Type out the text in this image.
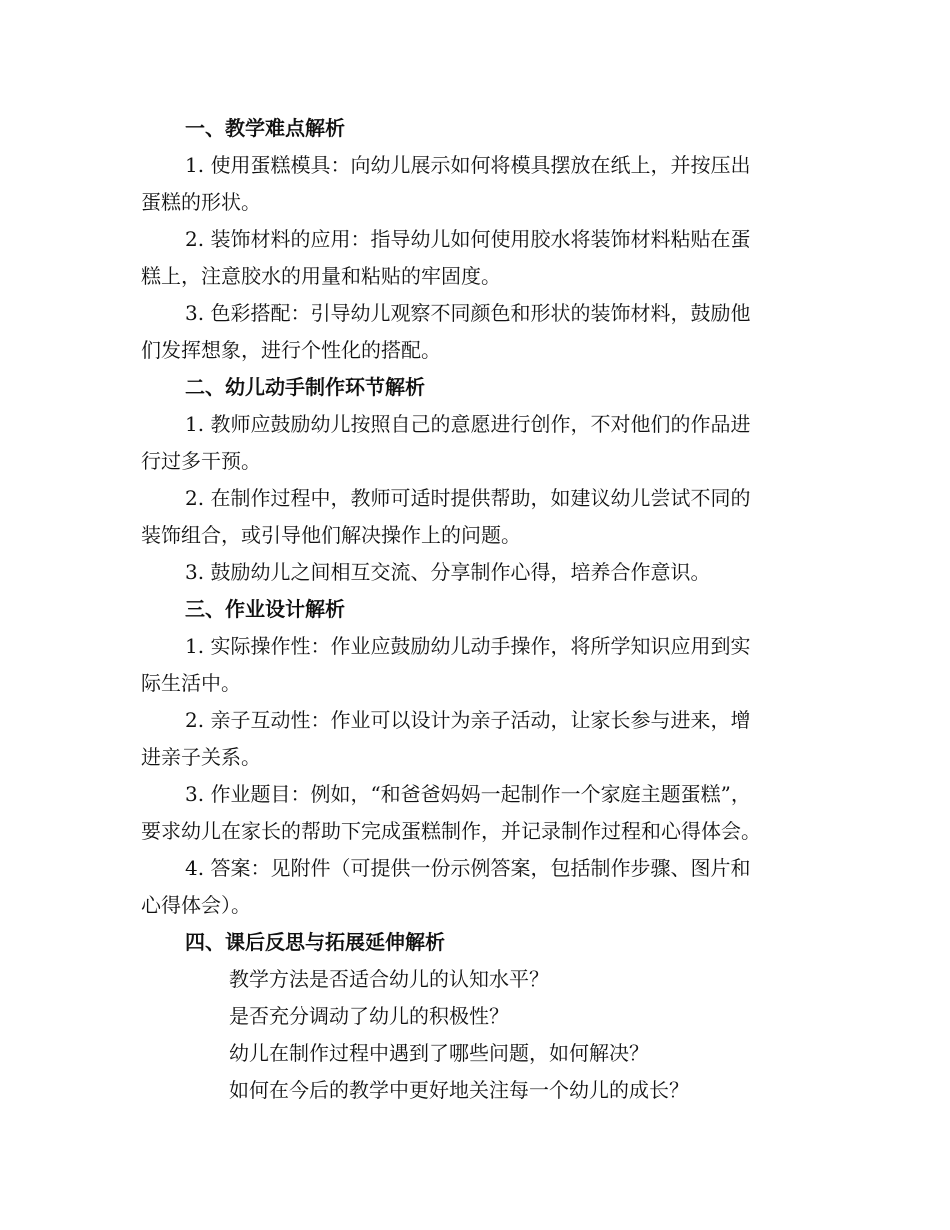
一、教学难点解析
1. 使用蛋糕模具：向幼儿展示如何将模具摆放在纸上，并按压出
蛋糕的形状。
2. 装饰材料的应用：指导幼儿如何使用胶水将装饰材料粘贴在蛋
糕上，注意胶水的用量和粘贴的牢固度。
3. 色彩搭配：引导幼儿观察不同颜色和形状的装饰材料，鼓励他
们发挥想象，进行个性化的搭配。
二、幼儿动手制作环节解析
1. 教师应鼓励幼儿按照自己的意愿进行创作，不对他们的作品进
行过多干预。
2. 在制作过程中，教师可适时提供帮助，如建议幼儿尝试不同的
装饰组合，或引导他们解决操作上的问题。
3. 鼓励幼儿之间相互交流、分享制作心得，培养合作意识。
三、作业设计解析
1. 实际操作性：作业应鼓励幼儿动手操作，将所学知识应用到实
际生活中。
2. 亲子互动性：作业可以设计为亲子活动，让家长参与进来，增
进亲子关系。
3. 作业题目：例如，“和爸爸妈妈一起制作一个家庭主题蛋糕”，
要求幼儿在家长的帮助下完成蛋糕制作，并记录制作过程和心得体会。
4. 答案：见附件（可提供一份示例答案，包括制作步骤、图片和
心得体会）。
四、课后反思与拓展延伸解析
教学方法是否适合幼儿的认知水平？
是否充分调动了幼儿的积极性？
幼儿在制作过程中遇到了哪些问题，如何解决？
如何在今后的教学中更好地关注每一个幼儿的成长？
